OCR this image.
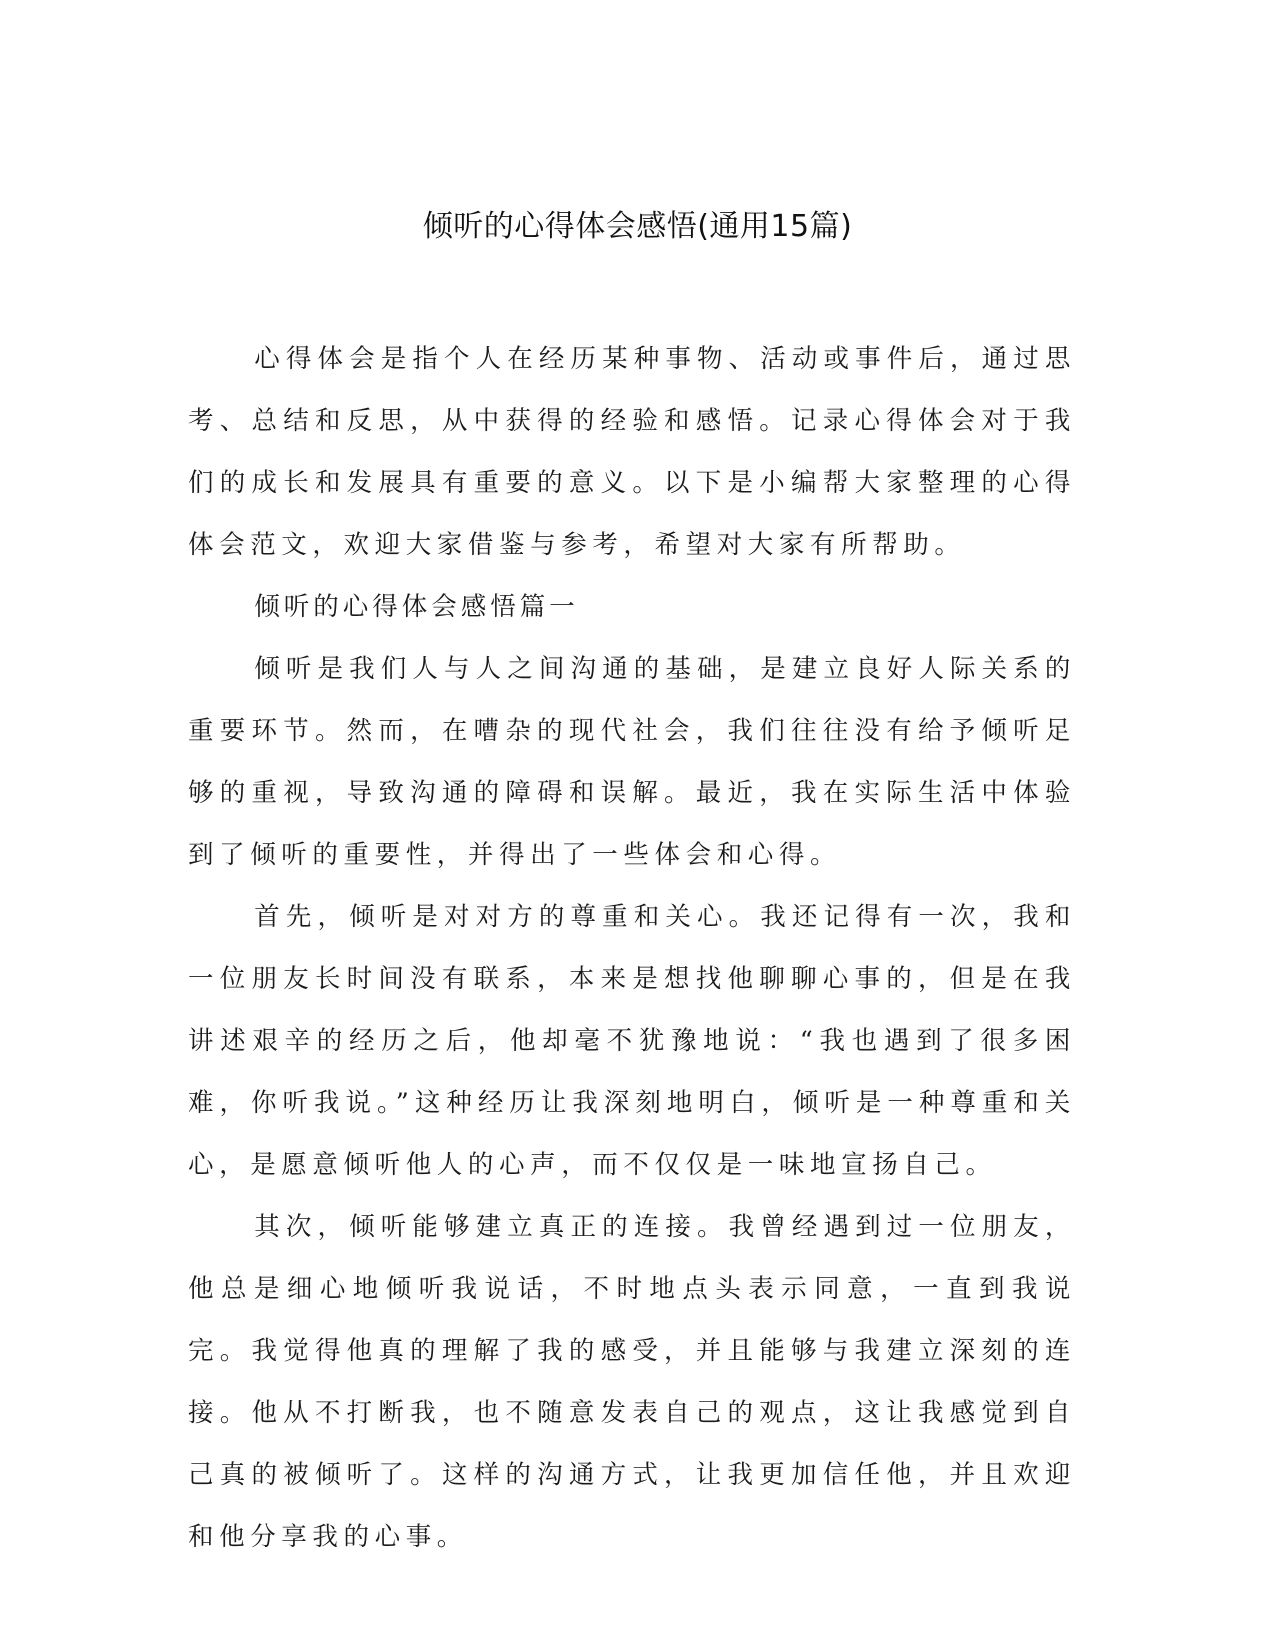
倾听的心得体会感悟(通用15篇)

心得体会是指个人在经历某种事物、活动或事件后，通过思考、总结和反思，从中获得的经验和感悟。记录心得体会对于我们的成长和发展具有重要的意义。以下是小编帮大家整理的心得体会范文，欢迎大家借鉴与参考，希望对大家有所帮助。

倾听的心得体会感悟篇一

倾听是我们人与人之间沟通的基础，是建立良好人际关系的重要环节。然而，在嘈杂的现代社会，我们往往没有给予倾听足够的重视，导致沟通的障碍和误解。最近，我在实际生活中体验到了倾听的重要性，并得出了一些体会和心得。

首先，倾听是对对方的尊重和关心。我还记得有一次，我和一位朋友长时间没有联系，本来是想找他聊聊心事的，但是在我讲述艰辛的经历之后，他却毫不犹豫地说：“我也遇到了很多困难，你听我说。”这种经历让我深刻地明白，倾听是一种尊重和关心，是愿意倾听他人的心声，而不仅仅是一味地宣扬自己。

其次，倾听能够建立真正的连接。我曾经遇到过一位朋友，他总是细心地倾听我说话，不时地点头表示同意，一直到我说完。我觉得他真的理解了我的感受，并且能够与我建立深刻的连接。他从不打断我，也不随意发表自己的观点，这让我感觉到自己真的被倾听了。这样的沟通方式，让我更加信任他，并且欢迎和他分享我的心事。
